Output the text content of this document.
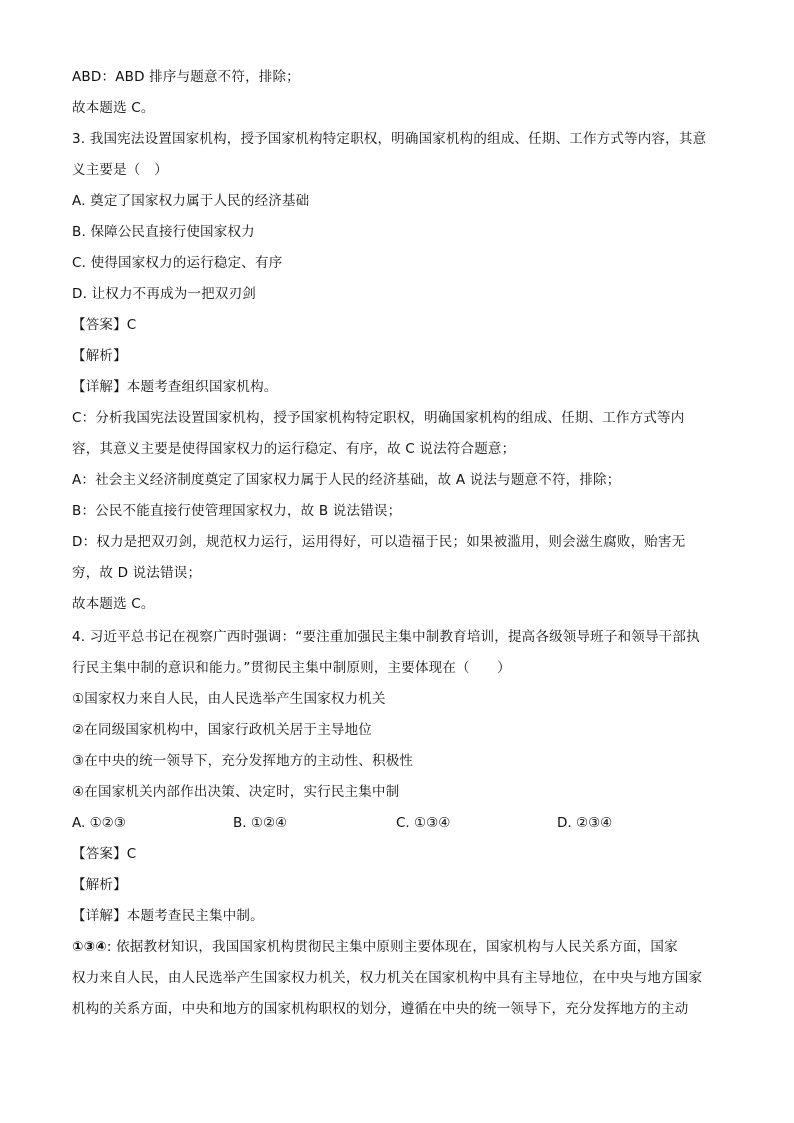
ABD：ABD 排序与题意不符，排除；
故本题选 C。
3. 我国宪法设置国家机构，授予国家机构特定职权，明确国家机构的组成、任期、工作方式等内容，其意
义主要是（　）
A. 奠定了国家权力属于人民的经济基础
B. 保障公民直接行使国家权力
C. 使得国家权力的运行稳定、有序
D. 让权力不再成为一把双刃剑
【答案】C
【解析】
【详解】本题考查组织国家机构。
C：分析我国宪法设置国家机构，授予国家机构特定职权，明确国家机构的组成、任期、工作方式等内
容，其意义主要是使得国家权力的运行稳定、有序，故 C 说法符合题意；
A：社会主义经济制度奠定了国家权力属于人民的经济基础，故 A 说法与题意不符，排除；
B：公民不能直接行使管理国家权力，故 B 说法错误；
D：权力是把双刃剑，规范权力运行，运用得好，可以造福于民；如果被滥用，则会滋生腐败，贻害无
穷，故 D 说法错误；
故本题选 C。
4. 习近平总书记在视察广西时强调：“要注重加强民主集中制教育培训，提高各级领导班子和领导干部执
行民主集中制的意识和能力。”贯彻民主集中制原则，主要体现在（　　）
①国家权力来自人民，由人民选举产生国家权力机关
②在同级国家机构中，国家行政机关居于主导地位
③在中央的统一领导下，充分发挥地方的主动性、积极性
④在国家机关内部作出决策、决定时，实行民主集中制
A. ①②③	B. ①②④	C. ①③④	D. ②③④
【答案】C
【解析】
【详解】本题考查民主集中制。
①③④: 依据教材知识，我国国家机构贯彻民主集中原则主要体现在，国家机构与人民关系方面，国家
权力来自人民，由人民选举产生国家权力机关，权力机关在国家机构中具有主导地位，在中央与地方国家
机构的关系方面，中央和地方的国家机构职权的划分，遵循在中央的统一领导下，充分发挥地方的主动
